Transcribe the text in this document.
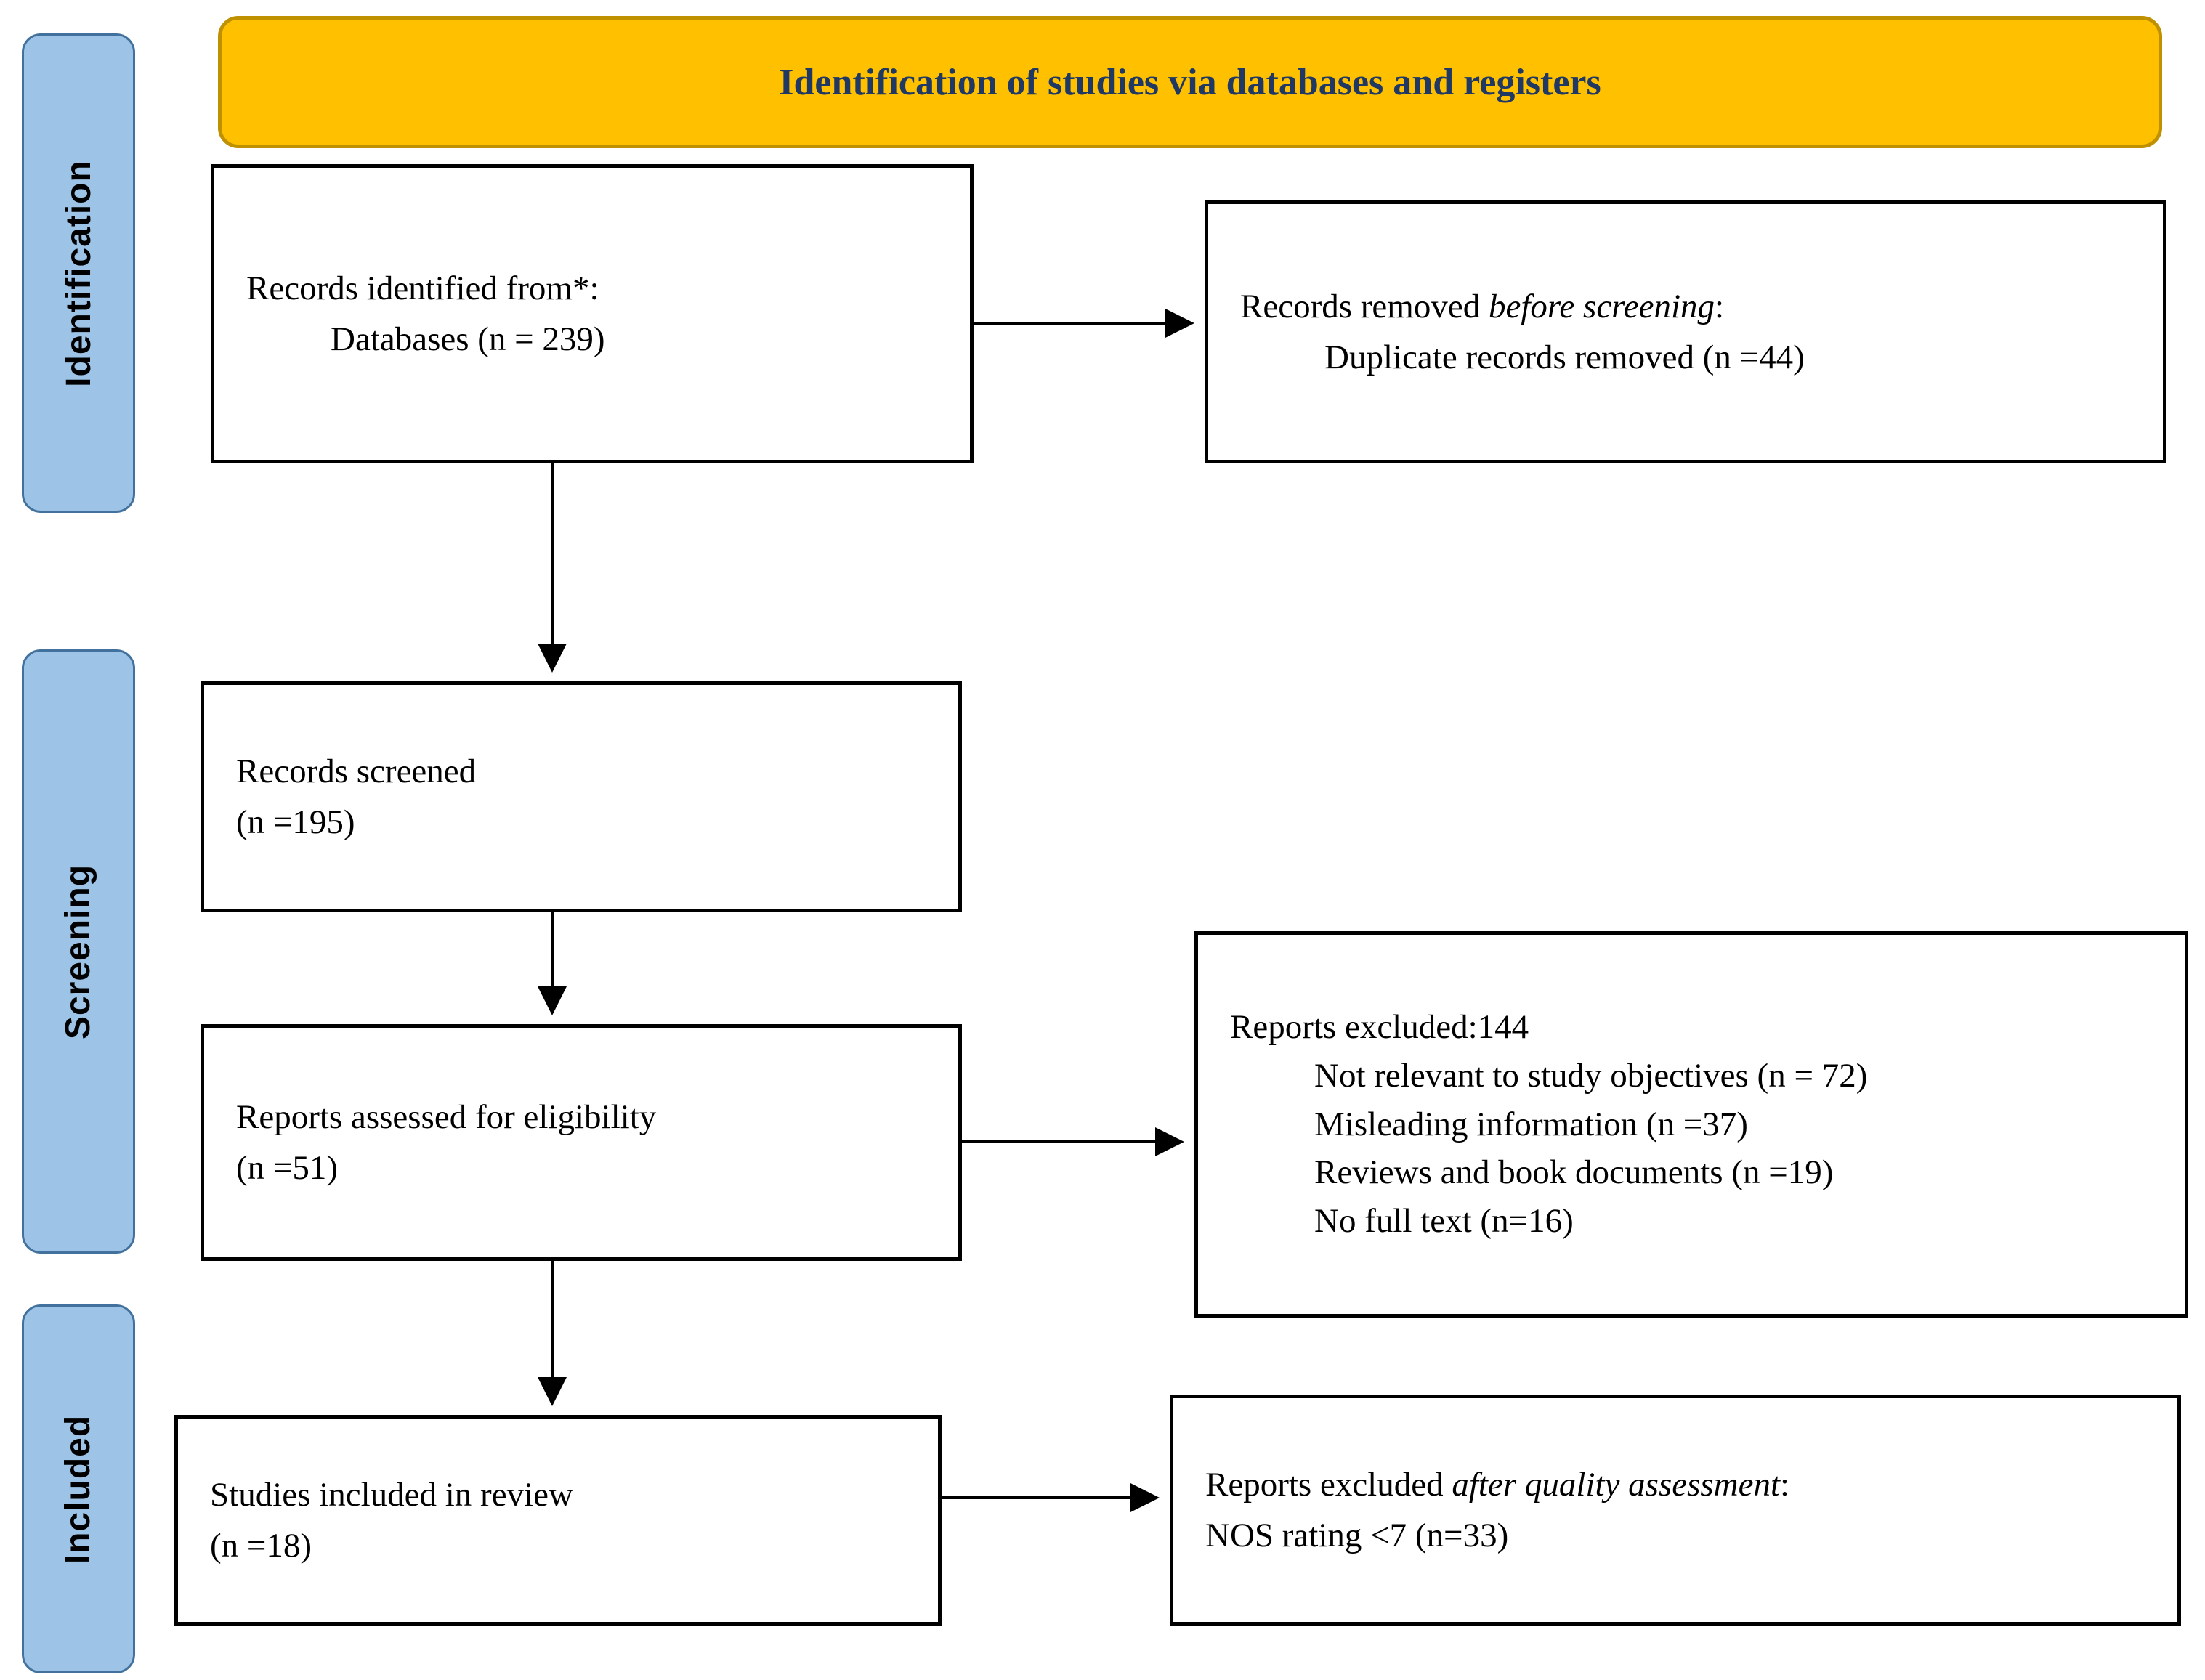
Identification of studies via databases and registers
Identification
Screening
Included
Records identified from*:
Databases (n = 239)
Records removed before screening:
Duplicate records removed (n =44)
Records screened
(n =195)
Reports assessed for eligibility
(n =51)
Reports excluded:144
Not relevant to study objectives (n = 72)
Misleading information (n =37)
Reviews and book documents (n =19)
No full text (n=16)
Studies included in review
(n =18)
Reports excluded after quality assessment:
NOS rating <7 (n=33)
